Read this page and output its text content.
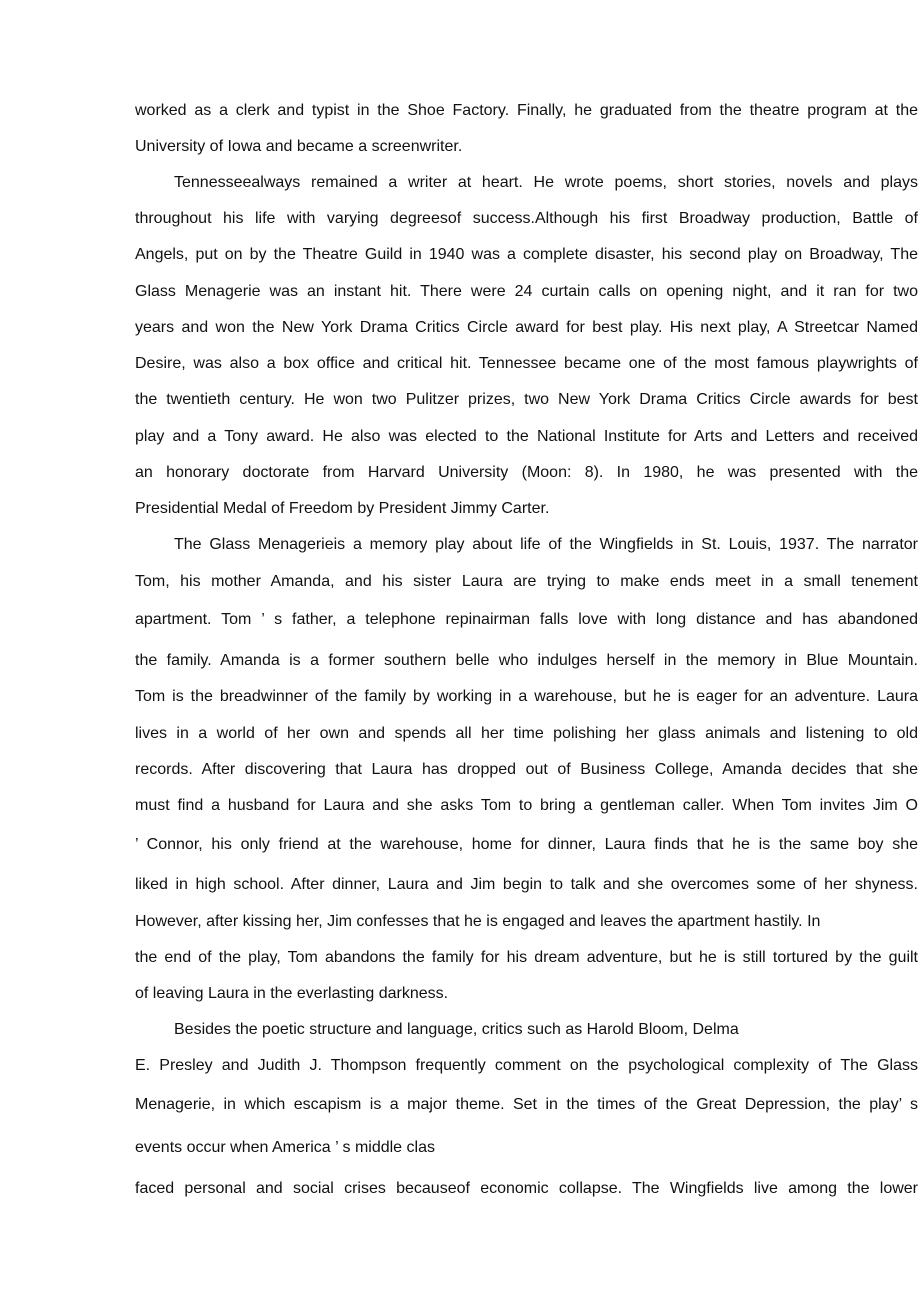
worked as a clerk and typist in the Shoe Factory. Finally, he graduated from the theatre program at the
University of Iowa and became a screenwriter.
Tennesseealways remained a writer at heart. He wrote poems, short stories, novels and plays
throughout his life with varying degreesof success.Although his first Broadway production, Battle of
Angels, put on by the Theatre Guild in 1940 was a complete disaster, his second play on Broadway, The
Glass Menagerie was an instant hit. There were 24 curtain calls on opening night, and it ran for two
years and won the New York Drama Critics Circle award for best play. His next play, A Streetcar Named
Desire, was also a box office and critical hit. Tennessee became one of the most famous playwrights of
the twentieth century. He won two Pulitzer prizes, two New York Drama Critics Circle awards for best
play and a Tony award. He also was elected to the National Institute for Arts and Letters and received
an honorary doctorate from Harvard University (Moon: 8). In 1980, he was presented with the
Presidential Medal of Freedom by President Jimmy Carter.
The Glass Menagerieis a memory play about life of the Wingfields in St. Louis, 1937. The narrator
Tom, his mother Amanda, and his sister Laura are trying to make ends meet in a small tenement
apartment. Tom ’ s father, a telephone repinairman falls love with long distance and has abandoned
the family. Amanda is a former southern belle who indulges herself in the memory in Blue Mountain.
Tom is the breadwinner of the family by working in a warehouse, but he is eager for an adventure. Laura
lives in a world of her own and spends all her time polishing her glass animals and listening to old
records. After discovering that Laura has dropped out of Business College, Amanda decides that she
must find a husband for Laura and she asks Tom to bring a gentleman caller. When Tom invites Jim O
’ Connor, his only friend at the warehouse, home for dinner, Laura finds that he is the same boy she
liked in high school. After dinner, Laura and Jim begin to talk and she overcomes some of her shyness.
However, after kissing her, Jim confesses that he is engaged and leaves the apartment hastily. In
the end of the play, Tom abandons the family for his dream adventure, but he is still tortured by the guilt
of leaving Laura in the everlasting darkness.
Besides the poetic structure and language, critics such as Harold Bloom, Delma
E. Presley and Judith J. Thompson frequently comment on the psychological complexity of The Glass
Menagerie, in which escapism is a major theme. Set in the times of the Great Depression, the play’ s
events occur when America ’ s middle clas
faced personal and social crises becauseof economic collapse. The Wingfields live among the lower
